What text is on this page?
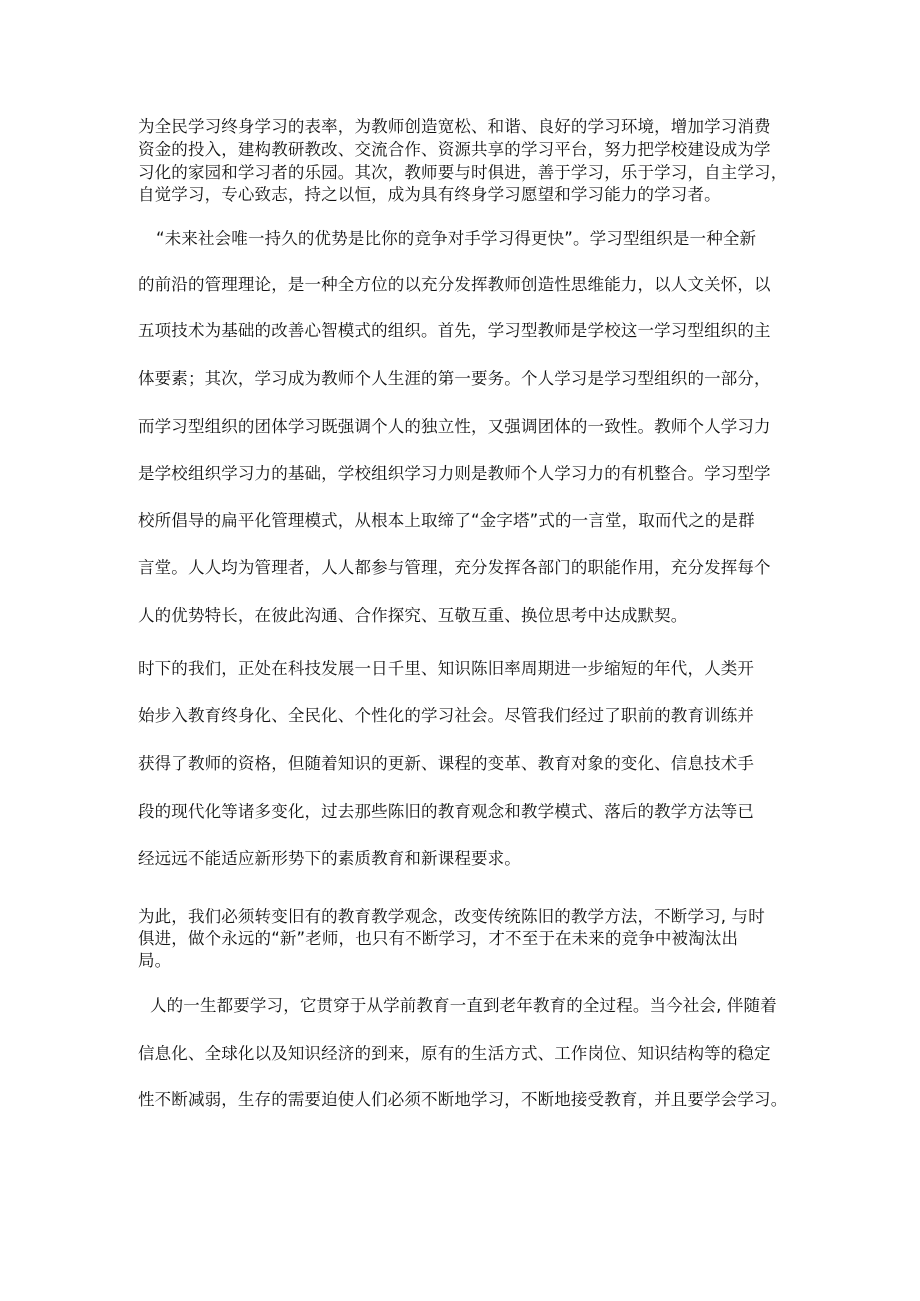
为全民学习终身学习的表率，为教师创造宽松、和谐、良好的学习环境，增加学习消费

资金的投入，建构教研教改、交流合作、资源共享的学习平台，努力把学校建设成为学

习化的家园和学习者的乐园。其次，教师要与时俱进，善于学习，乐于学习，自主学习，

自觉学习，专心致志，持之以恒，成为具有终身学习愿望和学习能力的学习者。

“未来社会唯一持久的优势是比你的竞争对手学习得更快”。学习型组织是一种全新

的前沿的管理理论，是一种全方位的以充分发挥教师创造性思维能力，以人文关怀，以

五项技术为基础的改善心智模式的组织。首先，学习型教师是学校这一学习型组织的主

体要素；其次，学习成为教师个人生涯的第一要务。个人学习是学习型组织的一部分，

而学习型组织的团体学习既强调个人的独立性，又强调团体的一致性。教师个人学习力

是学校组织学习力的基础，学校组织学习力则是教师个人学习力的有机整合。学习型学

校所倡导的扁平化管理模式，从根本上取缔了“金字塔”式的一言堂，取而代之的是群

言堂。人人均为管理者，人人都参与管理，充分发挥各部门的职能作用，充分发挥每个

人的优势特长，在彼此沟通、合作探究、互敬互重、换位思考中达成默契。

时下的我们，正处在科技发展一日千里、知识陈旧率周期进一步缩短的年代，人类开

始步入教育终身化、全民化、个性化的学习社会。尽管我们经过了职前的教育训练并

获得了教师的资格，但随着知识的更新、课程的变革、教育对象的变化、信息技术手

段的现代化等诸多变化，过去那些陈旧的教育观念和教学模式、落后的教学方法等已

经远远不能适应新形势下的素质教育和新课程要求。

为此，我们必须转变旧有的教育教学观念，改变传统陈旧的教学方法，不断学习, 与时

俱进，做个永远的“新”老师，也只有不断学习，才不至于在未来的竞争中被淘汰出

局。

人的一生都要学习，它贯穿于从学前教育一直到老年教育的全过程。当今社会, 伴随着

信息化、全球化以及知识经济的到来，原有的生活方式、工作岗位、知识结构等的稳定

性不断减弱，生存的需要迫使人们必须不断地学习，不断地接受教育，并且要学会学习。
